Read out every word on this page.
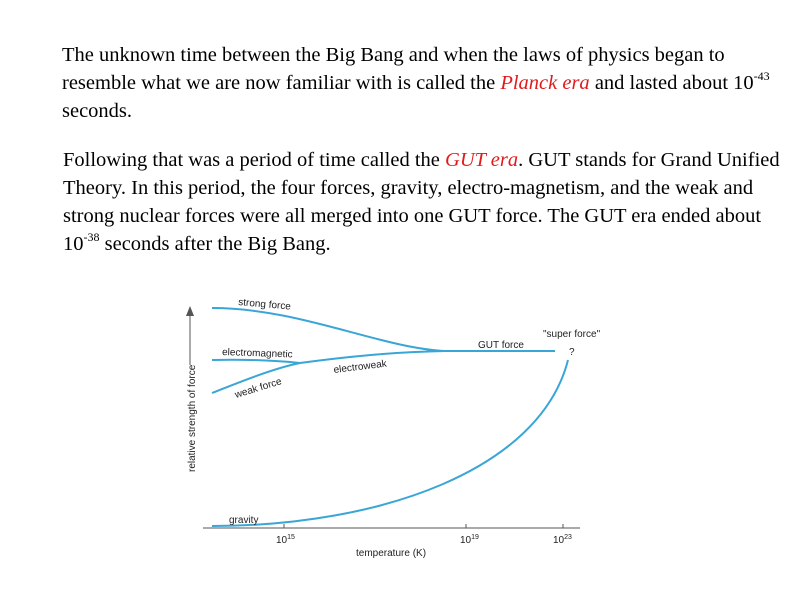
The unknown time between the Big Bang and when the laws of physics began to resemble what we are now familiar with is called the Planck era and lasted about $10^{-43}$ seconds.

Following that was a period of time called the GUT era. GUT stands for Grand Unified Theory. In this period, the four forces, gravity, electro-magnetism, and the weak and strong nuclear forces were all merged into one GUT force. The GUT era ended about $10^{-38}$ seconds after the Big Bang.

strong force
electromagnetic
weak force
electroweak
GUT force
"super force"
?
gravity
relative strength of force
temperature (K)
$10^{15}$	$10^{19}$	$10^{23}$
